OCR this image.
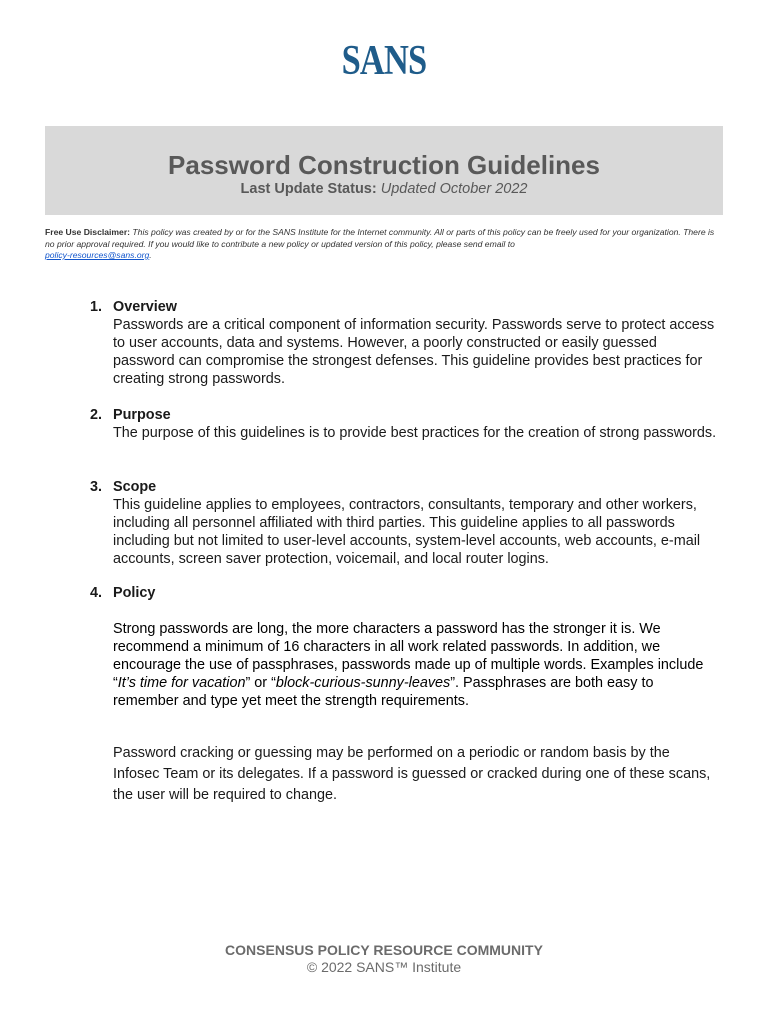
SANS
Password Construction Guidelines
Last Update Status: Updated October 2022
Free Use Disclaimer: This policy was created by or for the SANS Institute for the Internet community. All or parts of this policy can be freely used for your organization. There is no prior approval required. If you would like to contribute a new policy or updated version of this policy, please send email to
policy-resources@sans.org.
1. Overview
Passwords are a critical component of information security. Passwords serve to protect access to user accounts, data and systems. However, a poorly constructed or easily guessed password can compromise the strongest defenses. This guideline provides best practices for creating strong passwords.
2. Purpose
The purpose of this guidelines is to provide best practices for the creation of strong passwords.
3. Scope
This guideline applies to employees, contractors, consultants, temporary and other workers, including all personnel affiliated with third parties. This guideline applies to all passwords including but not limited to user-level accounts, system-level accounts, web accounts, e-mail accounts, screen saver protection, voicemail, and local router logins.
4. Policy
Strong passwords are long, the more characters a password has the stronger it is. We recommend a minimum of 16 characters in all work related passwords. In addition, we encourage the use of passphrases, passwords made up of multiple words. Examples include “It’s time for vacation” or “block-curious-sunny-leaves”. Passphrases are both easy to remember and type yet meet the strength requirements.
Password cracking or guessing may be performed on a periodic or random basis by the Infosec Team or its delegates. If a password is guessed or cracked during one of these scans, the user will be required to change.
CONSENSUS POLICY RESOURCE COMMUNITY
© 2022 SANS™ Institute
